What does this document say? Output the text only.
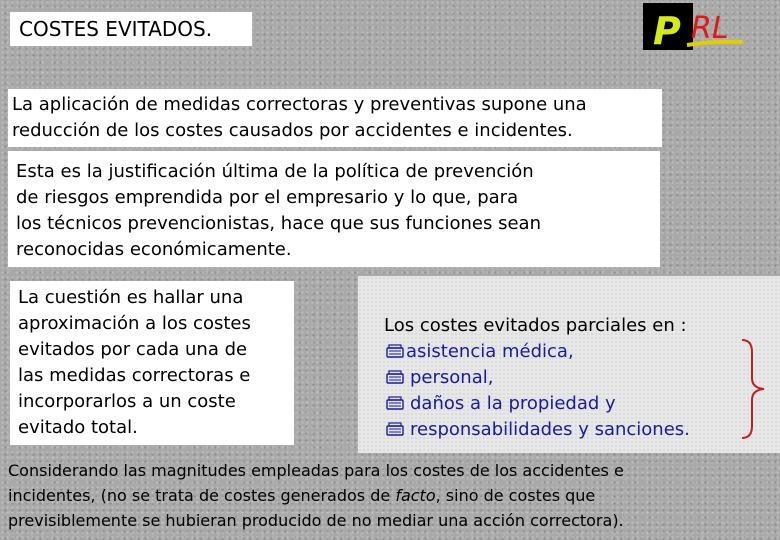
COSTES EVITADOS.	P RL
La aplicación de medidas correctoras y preventivas supone una
reducción de los costes causados por accidentes e incidentes.
Esta es la justificación última de la política de prevención
de riesgos emprendida por el empresario y lo que, para
los técnicos prevencionistas, hace que sus funciones sean
reconocidas económicamente.
La cuestión es hallar una
aproximación a los costes
evitados por cada una de
las medidas correctoras e
incorporarlos a un coste
evitado total.
Los costes evitados parciales en :
asistencia médica,
personal,
daños a la propiedad y
responsabilidades y sanciones.
Considerando las magnitudes empleadas para los costes de los accidentes e
incidentes, (no se trata de costes generados de facto, sino de costes que
previsiblemente se hubieran producido de no mediar una acción correctora).
